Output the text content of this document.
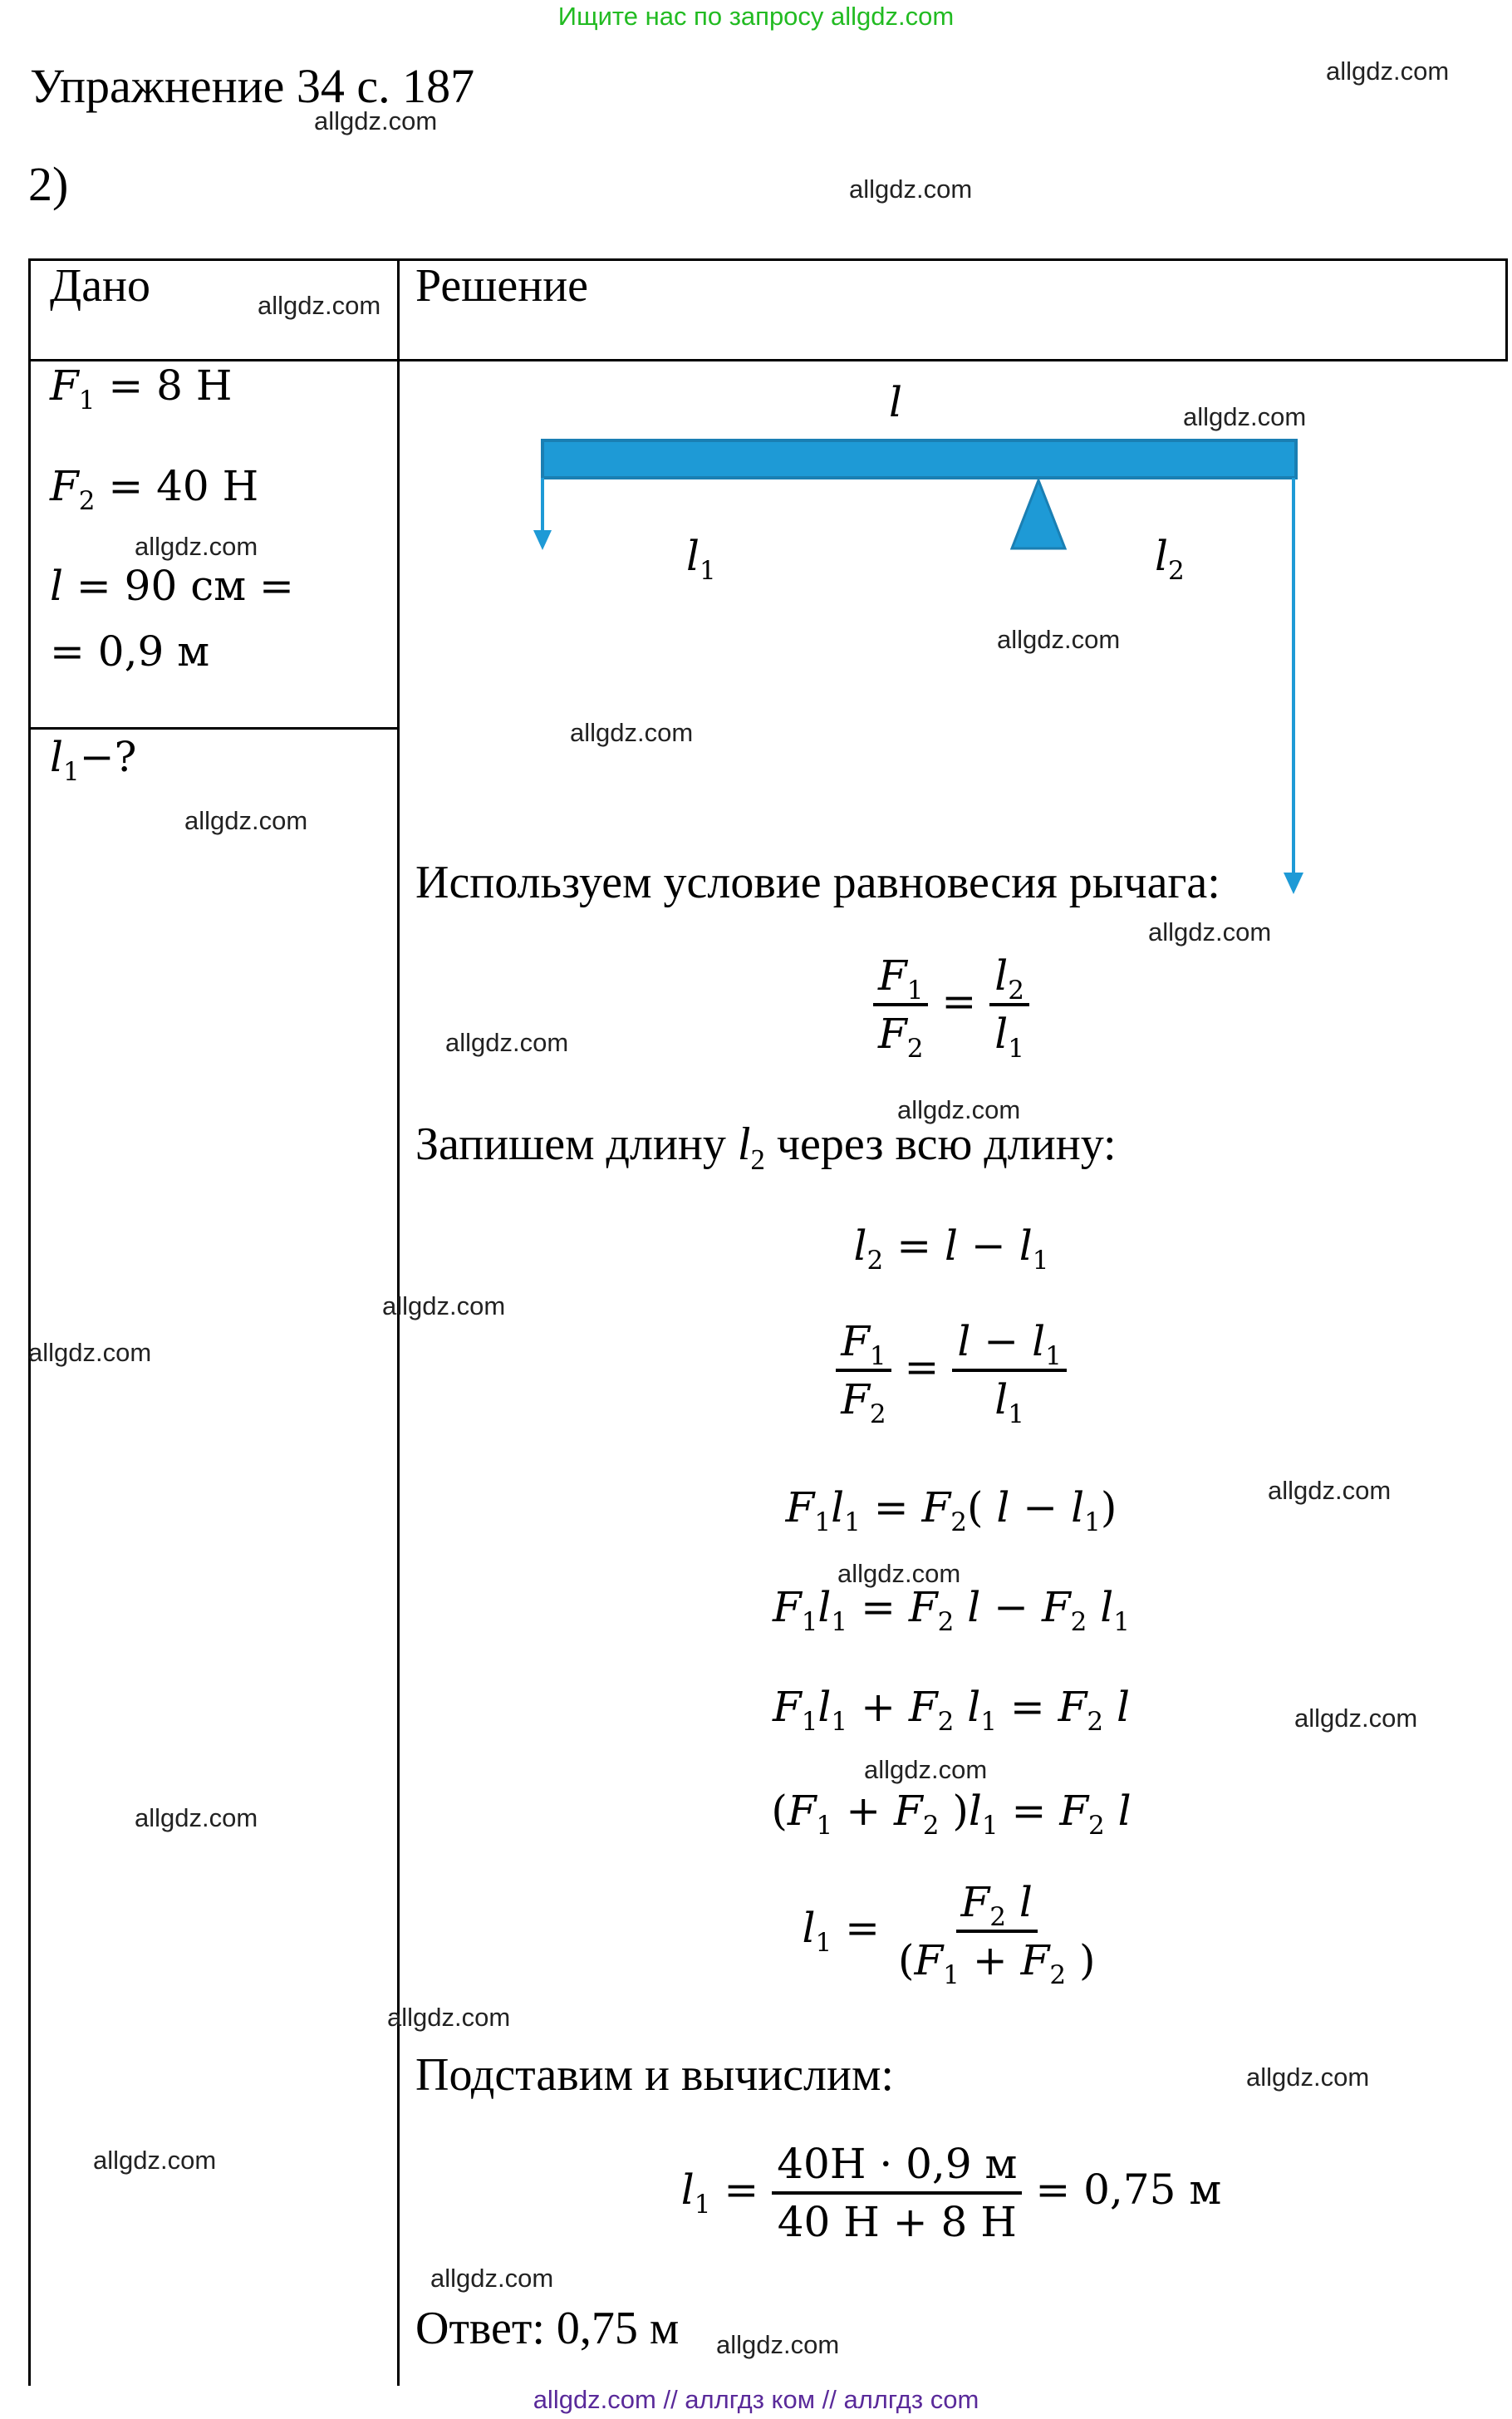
Ищите нас по запросу allgdz.com
Упражнение 34 с. 187
2)
Дано	Решение
$F_1 = 8$ Н
$F_2 = 40$ Н
l = 90 см =
= 0,9 м
$l_1-$?
l
$l_1$	$l_2$
Используем условие равновесия рычага:
$\frac{F_1}{F_2} = \frac{l_2}{l_1}$
Запишем длину $l_2$ через всю длину:
$l_2 = l - l_1$
$\frac{F_1}{F_2} = \frac{l - l_1}{l_1}$
$F_1l_1 = F_2$( $l - l_1$)
$F_1l_1 = F_2$ $l - F_2$ $l_1$
$F_1l_1 + F_2$ $l_1 = F_2$ l
($F_1 + F_2$ )$l_1 = F_2$ l
$l_1 = \frac{F_2 l}{(F_1 + F_2 )}$
Подставим и вычислим:
$l_1 = \frac{40Н \cdot 0,9 м}{40 Н + 8 Н} = 0,75$ м
Ответ: 0,75 м
allgdz.com
allgdz.com
allgdz.com
allgdz.com
allgdz.com
allgdz.com
allgdz.com
allgdz.com
allgdz.com
allgdz.com
allgdz.com
allgdz.com
allgdz.com
allgdz.com
allgdz.com
allgdz.com
allgdz.com
allgdz.com
allgdz.com
allgdz.com
allgdz.com
allgdz.com
allgdz.com
allgdz.com
allgdz.com // аллгдз ком // аллгдз com
